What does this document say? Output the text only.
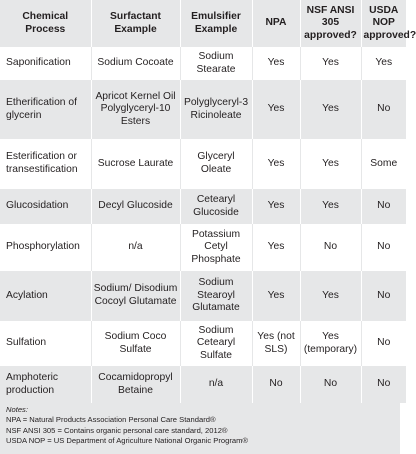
Chemical Process	Surfactant Example	Emulsifier Example	NPA	NSF ANSI 305 approved?	USDA NOP approved?
Saponification	Sodium Cocoate	Sodium Stearate	Yes	Yes	Yes
Etherification of glycerin	Apricot Kernel Oil Polyglyceryl-10 Esters	Polyglyceryl-3 Ricinoleate	Yes	Yes	No
Esterification or transestification	Sucrose Laurate	Glyceryl Oleate	Yes	Yes	Some
Glucosidation	Decyl Glucoside	Cetearyl Glucoside	Yes	Yes	No
Phosphorylation	n/a	Potassium Cetyl Phosphate	Yes	No	No
Acylation	Sodium/ Disodium Cocoyl Glutamate	Sodium Stearoyl Glutamate	Yes	Yes	No
Sulfation	Sodium Coco Sulfate	Sodium Cetearyl Sulfate	Yes (not SLS)	Yes (temporary)	No
Amphoteric production	Cocamidopropyl Betaine	n/a	No	No	No
Notes:
NPA = Natural Products Association Personal Care Standard®
NSF ANSI 305 = Contains organic personal care standard, 2012®
USDA NOP = US Department of Agriculture National Organic Program®
